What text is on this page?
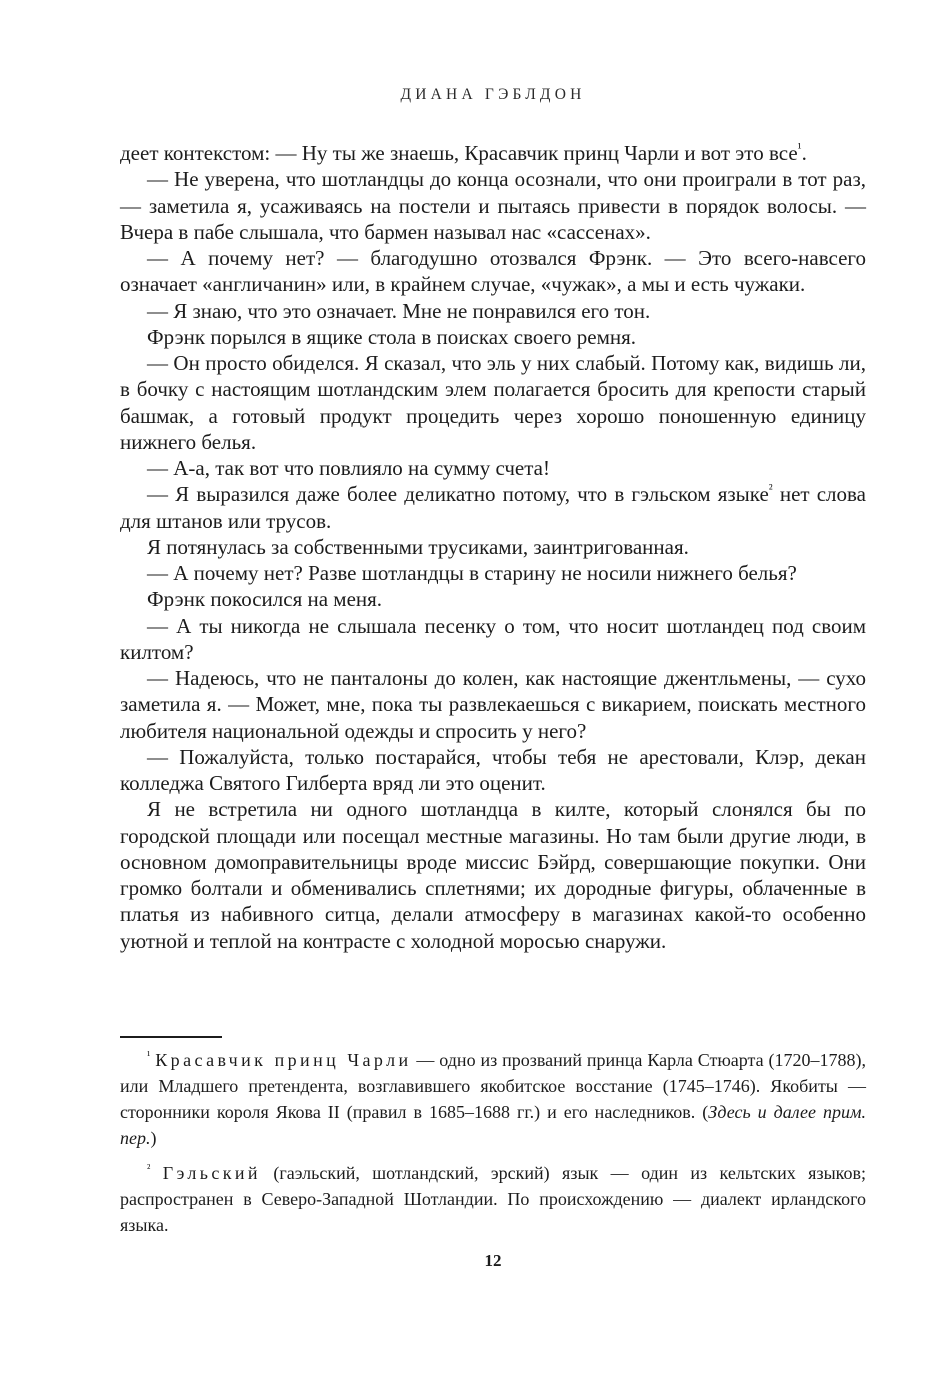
ДИАНА ГЭБЛДОН

деет контекстом: — Ну ты же знаешь, Красавчик принц Чарли и вот это все$^{^1}$.

— Не уверена, что шотландцы до конца осознали, что они проиграли в тот раз, — заметила я, усаживаясь на постели и пытаясь привести в порядок волосы. — Вчера в пабе слышала, что бармен называл нас «сассенах».

— А почему нет? — благодушно отозвался Фрэнк. — Это всего-навсего означает «англичанин» или, в крайнем случае, «чужак», а мы и есть чужаки.

— Я знаю, что это означает. Мне не понравился его тон.

Фрэнк порылся в ящике стола в поисках своего ремня.

— Он просто обиделся. Я сказал, что эль у них слабый. Потому как, видишь ли, в бочку с настоящим шотландским элем полагается бросить для крепости старый башмак, а готовый продукт процедить через хорошо поношенную единицу нижнего белья.

— А-а, так вот что повлияло на сумму счета!

— Я выразился даже более деликатно потому, что в гэльском языке$^{^2}$ нет слова для штанов или трусов.

Я потянулась за собственными трусиками, заинтригованная.

— А почему нет? Разве шотландцы в старину не носили нижнего белья?

Фрэнк покосился на меня.

— А ты никогда не слышала песенку о том, что носит шотландец под своим килтом?

— Надеюсь, что не панталоны до колен, как настоящие джентльмены, — сухо заметила я. — Может, мне, пока ты развлекаешься с викарием, поискать местного любителя национальной одежды и спросить у него?

— Пожалуйста, только постарайся, чтобы тебя не арестовали, Клэр, декан колледжа Святого Гилберта вряд ли это оценит.

Я не встретила ни одного шотландца в килте, который слонялся бы по городской площади или посещал местные магазины. Но там были другие люди, в основном домоправительницы вроде миссис Бэйрд, совершающие покупки. Они громко болтали и обменивались сплетнями; их дородные фигуры, облаченные в платья из набивного ситца, делали атмосферу в магазинах какой-то особенно уютной и теплой на контрасте с холодной моросью снаружи.

$^{^1}$ Красавчик принц Чарли — одно из прозваний принца Карла Стюарта (1720–1788), или Младшего претендента, возглавившего якобитское восстание (1745–1746). Якобиты — сторонники короля Якова II (правил в 1685–1688 гг.) и его наследников. (Здесь и далее прим. пер.)

$^{^2}$ Гэльский (гаэльский, шотландский, эрский) язык — один из кельтских языков; распространен в Северо-Западной Шотландии. По происхождению — диалект ирландского языка.

12
